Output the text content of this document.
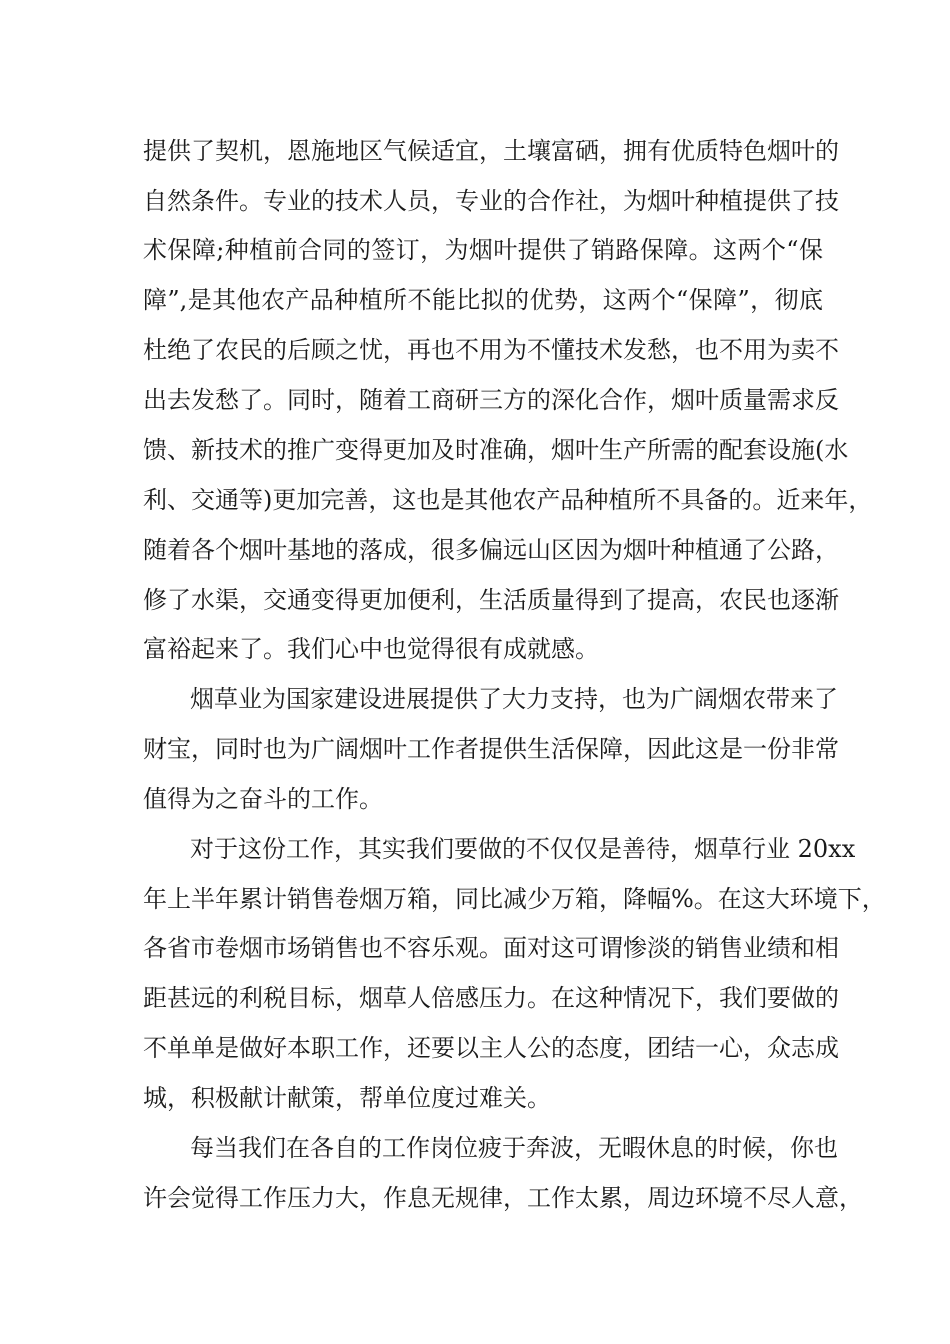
提供了契机，恩施地区气候适宜，土壤富硒，拥有优质特色烟叶的
自然条件。专业的技术人员，专业的合作社，为烟叶种植提供了技
术保障;种植前合同的签订，为烟叶提供了销路保障。这两个“保
障”,是其他农产品种植所不能比拟的优势，这两个“保障”，彻底
杜绝了农民的后顾之忧，再也不用为不懂技术发愁，也不用为卖不
出去发愁了。同时，随着工商研三方的深化合作，烟叶质量需求反
馈、新技术的推广变得更加及时准确，烟叶生产所需的配套设施(水
利、交通等)更加完善，这也是其他农产品种植所不具备的。近来年，
随着各个烟叶基地的落成，很多偏远山区因为烟叶种植通了公路，
修了水渠，交通变得更加便利，生活质量得到了提高，农民也逐渐
富裕起来了。我们心中也觉得很有成就感。
烟草业为国家建设进展提供了大力支持，也为广阔烟农带来了
财宝，同时也为广阔烟叶工作者提供生活保障，因此这是一份非常
值得为之奋斗的工作。
对于这份工作，其实我们要做的不仅仅是善待，烟草行业 20xx
年上半年累计销售卷烟万箱，同比减少万箱，降幅%。在这大环境下，
各省市卷烟市场销售也不容乐观。面对这可谓惨淡的销售业绩和相
距甚远的利税目标，烟草人倍感压力。在这种情况下，我们要做的
不单单是做好本职工作，还要以主人公的态度，团结一心，众志成
城，积极献计献策，帮单位度过难关。
每当我们在各自的工作岗位疲于奔波，无暇休息的时候，你也
许会觉得工作压力大，作息无规律，工作太累，周边环境不尽人意，
